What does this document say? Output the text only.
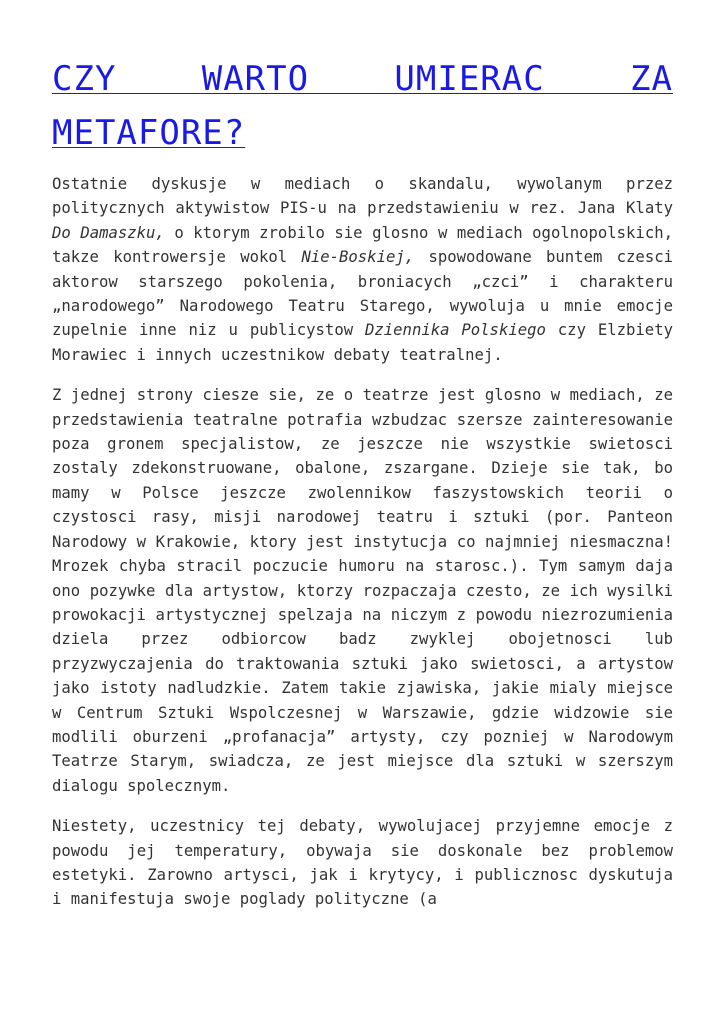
CZY WARTO UMIERAC ZA METAFORE?

Ostatnie dyskusje w mediach o skandalu, wywolanym przez politycznych aktywistow PIS-u na przedstawieniu w rez. Jana Klaty Do Damaszku, o ktorym zrobilo sie glosno w mediach ogolnopolskich, takze kontrowersje wokol Nie-Boskiej, spowodowane buntem czesci aktorow starszego pokolenia, broniacych „czci” i charakteru „narodowego” Narodowego Teatru Starego, wywoluja u mnie emocje zupelnie inne niz u publicystow Dziennika Polskiego czy Elzbiety Morawiec i innych uczestnikow debaty teatralnej.

Z jednej strony ciesze sie, ze o teatrze jest glosno w mediach, ze przedstawienia teatralne potrafia wzbudzac szersze zainteresowanie poza gronem specjalistow, ze jeszcze nie wszystkie swietosci zostaly zdekonstruowane, obalone, zszargane. Dzieje sie tak, bo mamy w Polsce jeszcze zwolennikow faszystowskich teorii o czystosci rasy, misji narodowej teatru i sztuki (por. Panteon Narodowy w Krakowie, ktory jest instytucja co najmniej niesmaczna! Mrozek chyba stracil poczucie humoru na starosc.). Tym samym daja ono pozywke dla artystow, ktorzy rozpaczaja czesto, ze ich wysilki prowokacji artystycznej spelzaja na niczym z powodu niezrozumienia dziela przez odbiorcow badz zwyklej obojetnosci lub przyzwyczajenia do traktowania sztuki jako swietosci, a artystow jako istoty nadludzkie. Zatem takie zjawiska, jakie mialy miejsce w Centrum Sztuki Wspolczesnej w Warszawie, gdzie widzowie sie modlili oburzeni „profanacja” artysty, czy pozniej w Narodowym Teatrze Starym, swiadcza, ze jest miejsce dla sztuki w szerszym dialogu spolecznym.

Niestety, uczestnicy tej debaty, wywolujacej przyjemne emocje z powodu jej temperatury, obywaja sie doskonale bez problemow estetyki. Zarowno artysci, jak i krytycy, i publicznosc dyskutuja i manifestuja swoje poglady polityczne (a
